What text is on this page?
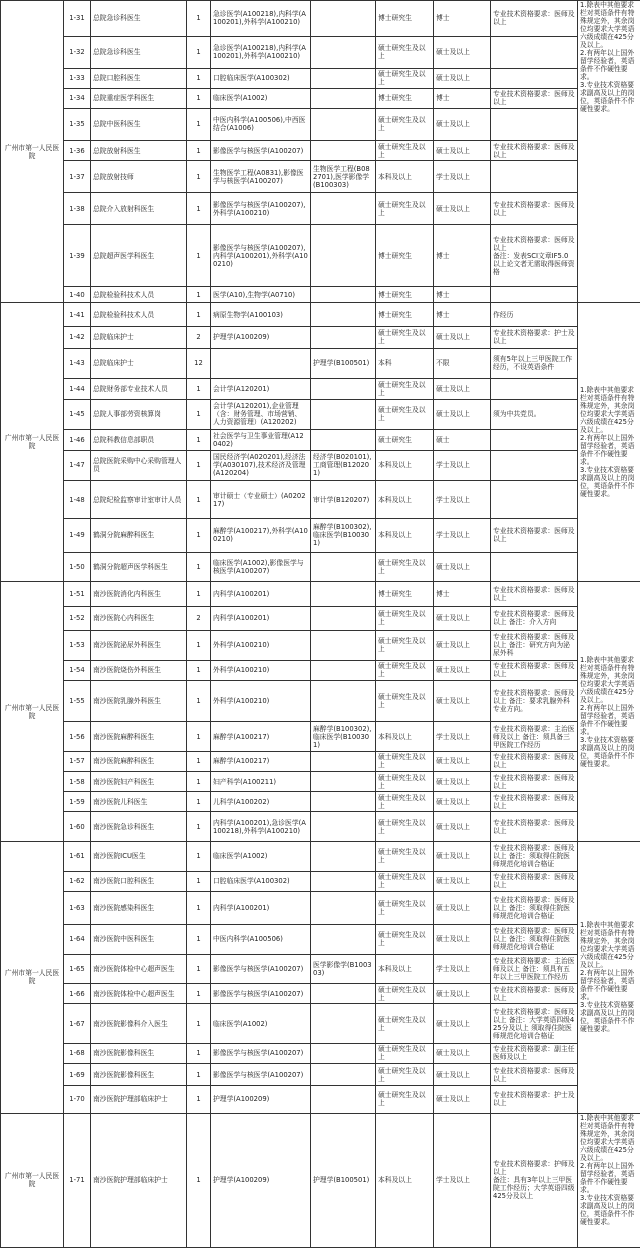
广州市第一人民医院	1-31	总院急诊科医生	1	急诊医学(A100218),内科学(A100201),外科学(A100210)		博士研究生	博士	专业技术资格要求：医师及以上	1.除表中其他要求栏对英语条件有特殊规定外，其余岗位均要求大学英语六级成绩在425分及以上。
2.有两年以上国外留学经验者，英语条件不作硬性要求。
3.专业技术资格要求副高及以上的岗位，英语条件不作硬性要求。
	1-32	总院急诊科医生	1	急诊医学(A100218),内科学(A100201),外科学(A100210)		硕士研究生及以上	硕士及以上		
	1-33	总院口腔科医生	1	口腔临床医学(A100302)		硕士研究生及以上	硕士及以上		
	1-34	总院重症医学科医生	1	临床医学(A1002)		博士研究生	博士	专业技术资格要求：医师及以上	
	1-35	总院中医科医生	1	中医内科学(A100506),中西医结合(A1006)		硕士研究生及以上	硕士及以上		
	1-36	总院放射科医生	1	影像医学与核医学(A100207)		硕士研究生及以上	硕士及以上	专业技术资格要求：医师及以上	
	1-37	总院放射技师	1	生物医学工程(A0831),影像医学与核医学(A100207)	生物医学工程(B082701),医学影像学(B100303)	本科及以上	学士及以上		
	1-38	总院介入放射科医生	1	影像医学与核医学(A100207),外科学(A100210)		硕士研究生及以上	硕士及以上	专业技术资格要求：医师及以上	
	1-39	总院超声医学科医生	1	影像医学与核医学(A100207),内科学(A100201),外科学(A100210)		博士研究生	博士	专业技术资格要求：医师及以上
备注：发表SCI文章IF5.0以上论文者无需取得医师资格	
	1-40	总院检验科技术人员	1	医学(A10),生物学(A0710)		博士研究生	博士		
广州市第一人民医院	1-41	总院检验科技术人员	1	病原生物学(A100103)		博士研究生	博士	作经历	1.除表中其他要求栏对英语条件有特殊规定外，其余岗位均要求大学英语六级成绩在425分及以上。
2.有两年以上国外留学经验者，英语条件不作硬性要求。
3.专业技术资格要求副高及以上的岗位，英语条件不作硬性要求。
	1-42	总院临床护士	2	护理学(A100209)		硕士研究生及以上	硕士及以上	专业技术资格要求：护士及以上	
	1-43	总院临床护士	12		护理学(B100501)	本科	不限	须有5年以上三甲医院工作经历，不设英语条件	
	1-44	总院财务部专业技术人员	1	会计学(A120201)		硕士研究生及以上	硕士及以上		
	1-45	总院人事部劳资核算岗	1	会计学(A120201),企业管理（含：财务管理、市场营销、人力资源管理）(A120202)		硕士研究生及以上	硕士及以上	须为中共党员。	
	1-46	总院科教信息部职员	1	社会医学与卫生事业管理(A120402)		硕士研究生	硕士		
	1-47	总院医院采购中心采购管理人员	1	国民经济学(A020201),经济法学(A030107),技术经济及管理(A120204)	经济学(B020101),工商管理(B120201)	本科及以上	学士及以上		
	1-48	总院纪检监察审计室审计人员	1	审计硕士（专业硕士）(A020217)	审计学(B120207)	本科及以上	学士及以上		
	1-49	鹤洞分院麻醉科医生	1	麻醉学(A100217),外科学(A100210)	麻醉学(B100302),临床医学(B100301)	本科及以上	学士及以上	专业技术资格要求：医师及以上	
	1-50	鹤洞分院超声医学科医生	1	临床医学(A1002),影像医学与核医学(A100207)		硕士研究生及以上	硕士及以上		
广州市第一人民医院	1-51	南沙医院消化内科医生	1	内科学(A100201)		博士研究生	博士	专业技术资格要求：医师及以上	1.除表中其他要求栏对英语条件有特殊规定外，其余岗位均要求大学英语六级成绩在425分及以上。
2.有两年以上国外留学经验者，英语条件不作硬性要求。
3.专业技术资格要求副高及以上的岗位，英语条件不作硬性要求。
	1-52	南沙医院心内科医生	2	内科学(A100201)		硕士研究生及以上	硕士及以上	专业技术资格要求：医师及以上 备注：介入方向	
	1-53	南沙医院泌尿外科医生	1	外科学(A100210)		硕士研究生及以上	硕士及以上	专业技术资格要求：医师及以上 备注：研究方向为泌尿外科	
	1-54	南沙医院烧伤外科医生	1	外科学(A100210)		硕士研究生及以上	硕士及以上	专业技术资格要求：医师及以上	
	1-55	南沙医院乳腺外科医生	1	外科学(A100210)		硕士研究生及以上	硕士及以上	专业技术资格要求：医师及以上 备注：要求乳腺外科专业方向。	
	1-56	南沙医院麻醉科医生	1	麻醉学(A100217)	麻醉学(B100302),临床医学(B100301)	本科及以上	学士及以上	专业技术资格要求：主治医师及以上 备注：须具备三甲医院工作经历	
	1-57	南沙医院麻醉科医生	1	麻醉学(A100217)		硕士研究生及以上	硕士及以上	专业技术资格要求：医师及以上	
	1-58	南沙医院妇产科医生	1	妇产科学(A100211)		硕士研究生及以上	硕士及以上	专业技术资格要求：医师及以上	
	1-59	南沙医院儿科医生	1	儿科学(A100202)		硕士研究生及以上	硕士及以上	专业技术资格要求：医师及以上	
	1-60	南沙医院急诊科医生	1	内科学(A100201),急诊医学(A100218),外科学(A100210)		硕士研究生及以上	硕士及以上	专业技术资格要求：医师及以上	
广州市第一人民医院	1-61	南沙医院ICU医生	1	临床医学(A1002)		硕士研究生及以上	硕士及以上	专业技术资格要求：医师及以上 备注：须取得住院医师规范化培训合格证	1.除表中其他要求栏对英语条件有特殊规定外，其余岗位均要求大学英语六级成绩在425分及以上。
2.有两年以上国外留学经验者，英语条件不作硬性要求。
3.专业技术资格要求副高及以上的岗位，英语条件不作硬性要求。
	1-62	南沙医院口腔科医生	1	口腔临床医学(A100302)		硕士研究生及以上	硕士及以上	专业技术资格要求：医师及以上	
	1-63	南沙医院感染科医生	1	内科学(A100201)		硕士研究生及以上	硕士及以上	专业技术资格要求：医师及以上 备注：须取得住院医师规范化培训合格证	
	1-64	南沙医院中医科医生	1	中医内科学(A100506)		硕士研究生及以上	硕士及以上	专业技术资格要求：医师及以上 备注：须取得住院医师规范化培训合格证	
	1-65	南沙医院体检中心超声医生	1	影像医学与核医学(A100207)	医学影像学(B100303)	本科及以上	学士及以上	专业技术资格要求：主治医师及以上 备注：须具有五年以上三甲医院工作经历	
	1-66	南沙医院体检中心超声医生	1	影像医学与核医学(A100207)		硕士研究生及以上	硕士及以上	专业技术资格要求：医师及以上	
	1-67	南沙医院影像科介入医生	1	临床医学(A1002)		硕士研究生及以上	硕士及以上	专业技术资格要求：医师及以上 备注：大学英语四级425分及以上 须取得住院医师规范化培训合格证	
	1-68	南沙医院影像科医生	1	影像医学与核医学(A100207)		硕士研究生及以上	硕士及以上	专业技术资格要求：副主任医师及以上	
	1-69	南沙医院影像科医生	1	影像医学与核医学(A100207)		硕士研究生及以上	硕士及以上	专业技术资格要求：医师及以上	
	1-70	南沙医院护理部临床护士	1	护理学(A100209)		硕士研究生及以上	硕士及以上	专业技术资格要求：护士及以上	
广州市第一人民医院	1-71	南沙医院护理部临床护士	1	护理学(A100209)	护理学(B100501)	本科及以上	学士及以上	专业技术资格要求：护师及以上
备注：具有3年以上三甲医院工作经历；大学英语四级425分及以上	1.除表中其他要求栏对英语条件有特殊规定外，其余岗位均要求大学英语六级成绩在425分及以上。
2.有两年以上国外留学经验者，英语条件不作硬性要求。
3.专业技术资格要求副高及以上的岗位，英语条件不作硬性要求。
